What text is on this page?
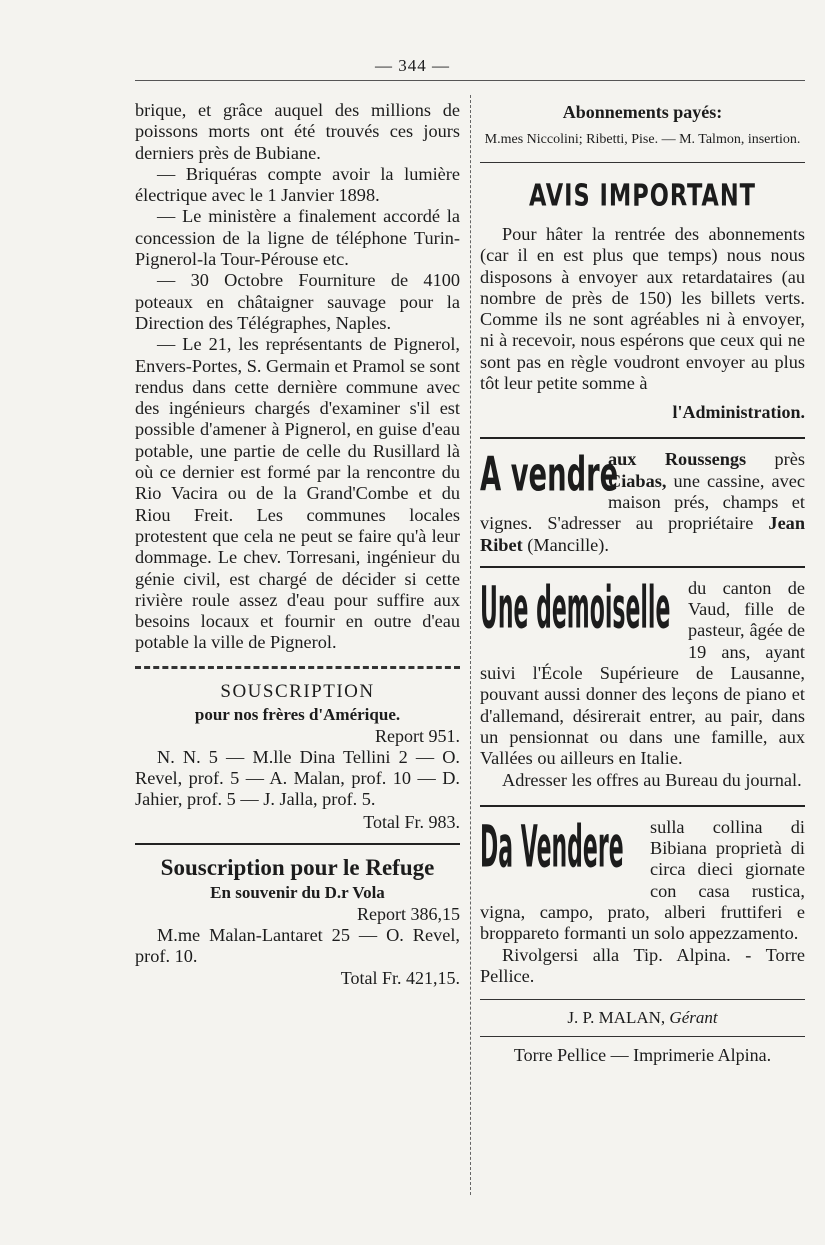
— 344 —

brique, et grâce auquel des millions de poissons morts ont été trouvés ces jours derniers près de Bubiane.

— Briquéras compte avoir la lumière électrique avec le 1 Janvier 1898.

— Le ministère a finalement accordé la concession de la ligne de téléphone Turin-Pignerol-la Tour-Pérouse etc.

— 30 Octobre Fourniture de 4100 poteaux en châtaigner sauvage pour la Direction des Télégraphes, Naples.

— Le 21, les représentants de Pignerol, Envers-Portes, S. Germain et Pramol se sont rendus dans cette dernière commune avec des ingénieurs chargés d'examiner s'il est possible d'amener à Pignerol, en guise d'eau potable, une partie de celle du Rusillard là où ce dernier est formé par la rencontre du Rio Vacira ou de la Grand'Combe et du Riou Freit. Les communes locales protestent que cela ne peut se faire qu'à leur dommage. Le chev. Torresani, ingénieur du génie civil, est chargé de décider si cette rivière roule assez d'eau pour suffire aux besoins locaux et fournir en outre d'eau potable la ville de Pignerol.

SOUSCRIPTION
pour nos frères d'Amérique.
Report 951.

N. N. 5 — M.lle Dina Tellini 2 — O. Revel, prof. 5 — A. Malan, prof. 10 — D. Jahier, prof. 5 — J. Jalla, prof. 5.

Total Fr. 983.
Souscription pour le Refuge
En souvenir du D.r Vola
Report 386,15

M.me Malan-Lantaret 25 — O. Revel, prof. 10.

Total Fr. 421,15.
Abonnements payés:
M.mes Niccolini; Ribetti, Pise. — M. Talmon, insertion.
AVIS IMPORTANT

Pour hâter la rentrée des abonnements (car il en est plus que temps) nous nous disposons à envoyer aux retardataires (au nombre de près de 150) les billets verts. Comme ils ne sont agréables ni à envoyer, ni à recevoir, nous espérons que ceux qui ne sont pas en règle voudront envoyer au plus tôt leur petite somme à

l'Administration.
A vendre

aux Roussengs près Ciabas, une cassine, avec maison prés, champs et vignes. S'adresser au propriétaire Jean Ribet (Mancille).

Une demoiselle du canton de Vaud, fille de pasteur, âgée de 19 ans, ayant suivi l'École Supérieure de Lausanne, pouvant aussi donner des leçons de piano et d'allemand, désirerait entrer, au pair, dans un pensionnat ou dans une famille, aux Vallées ou ailleurs en Italie.

Adresser les offres au Bureau du journal.

Da Vendere	sulla collina di Bibiana proprietà di circa dieci giornate con casa rustica, vigna, campo, prato, alberi fruttiferi e broppareto formanti un solo appezzamento.

Rivolgersi alla Tip. Alpina. - Torre Pellice.

J. P. MALAN, Gérant
Torre Pellice — Imprimerie Alpina.
